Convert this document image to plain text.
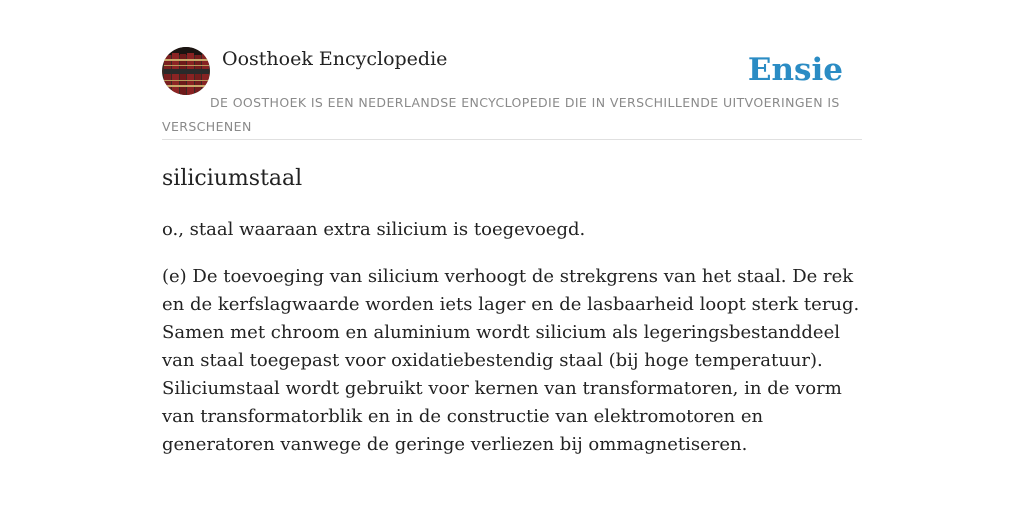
Oosthoek Encyclopedie	Ensie
DE OOSTHOEK IS EEN NEDERLANDSE ENCYCLOPEDIE DIE IN VERSCHILLENDE UITVOERINGEN IS VERSCHENEN
siliciumstaal

o., staal waaraan extra silicium is toegevoegd.

(e) De toevoeging van silicium verhoogt de strekgrens van het staal. De rek en de kerfslagwaarde worden iets lager en de lasbaarheid loopt sterk terug. Samen met chroom en aluminium wordt silicium als legeringsbestanddeel van staal toegepast voor oxidatiebestendig staal (bij hoge temperatuur). Siliciumstaal wordt gebruikt voor kernen van transformatoren, in de vorm van transformatorblik en in de constructie van elektromotoren en generatoren vanwege de geringe verliezen bij ommagnetiseren.
